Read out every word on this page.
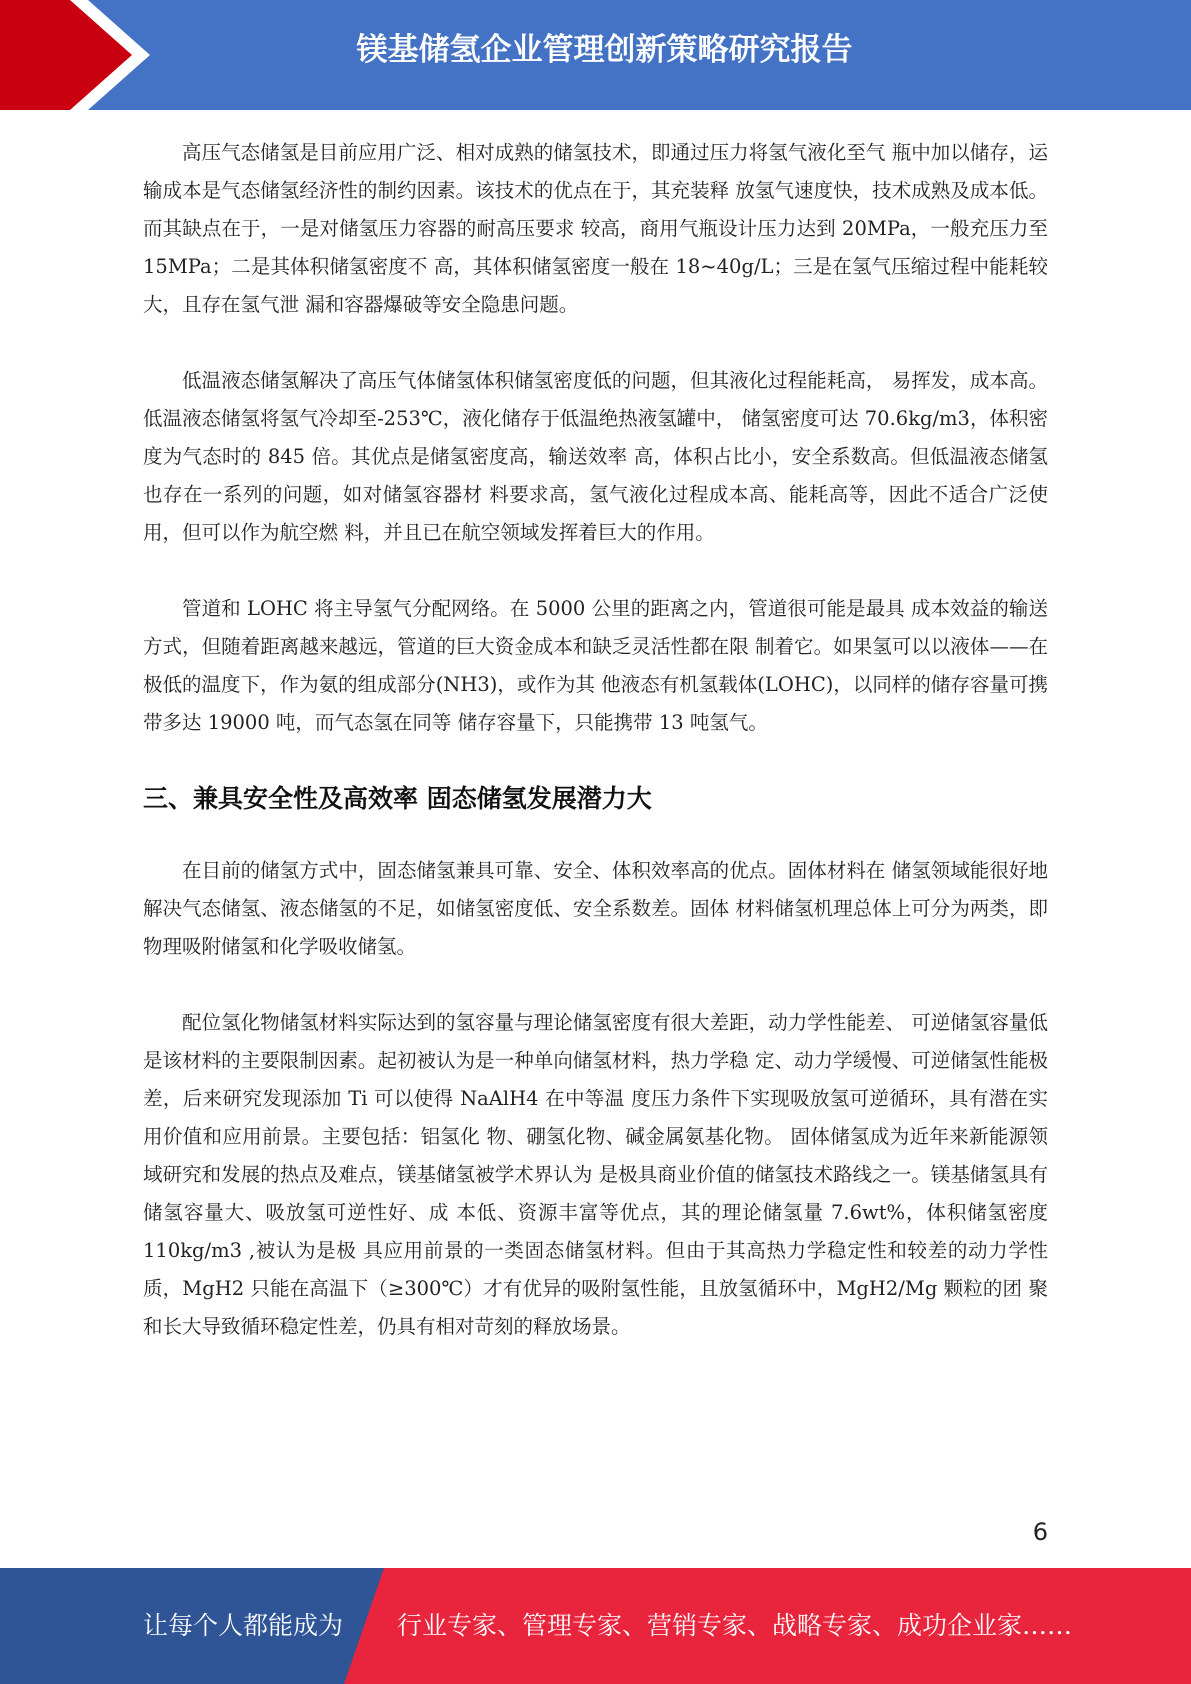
镁基储氢企业管理创新策略研究报告

高压气态储氢是目前应用广泛、相对成熟的储氢技术，即通过压力将氢气液化至气 瓶中加以储存，运输成本是气态储氢经济性的制约因素。该技术的优点在于，其充装释 放氢气速度快，技术成熟及成本低。而其缺点在于，一是对储氢压力容器的耐高压要求 较高，商用气瓶设计压力达到 20MPa，一般充压力至 15MPa；二是其体积储氢密度不 高，其体积储氢密度一般在 18~40g/L；三是在氢气压缩过程中能耗较大，且存在氢气泄 漏和容器爆破等安全隐患问题。

低温液态储氢解决了高压气体储氢体积储氢密度低的问题，但其液化过程能耗高， 易挥发，成本高。低温液态储氢将氢气冷却至-253℃，液化储存于低温绝热液氢罐中， 储氢密度可达 70.6kg/m3，体积密度为气态时的 845 倍。其优点是储氢密度高，输送效率 高，体积占比小，安全系数高。但低温液态储氢也存在一系列的问题，如对储氢容器材 料要求高，氢气液化过程成本高、能耗高等，因此不适合广泛使用，但可以作为航空燃 料，并且已在航空领域发挥着巨大的作用。

管道和 LOHC 将主导氢气分配网络。在 5000 公里的距离之内，管道很可能是最具 成本效益的输送方式，但随着距离越来越远，管道的巨大资金成本和缺乏灵活性都在限 制着它。如果氢可以以液体——在极低的温度下，作为氨的组成部分(NH3)，或作为其 他液态有机氢载体(LOHC)，以同样的储存容量可携带多达 19000 吨，而气态氢在同等 储存容量下，只能携带 13 吨氢气。

三、兼具安全性及高效率 固态储氢发展潜力大

在目前的储氢方式中，固态储氢兼具可靠、安全、体积效率高的优点。固体材料在 储氢领域能很好地解决气态储氢、液态储氢的不足，如储氢密度低、安全系数差。固体 材料储氢机理总体上可分为两类，即物理吸附储氢和化学吸收储氢。

配位氢化物储氢材料实际达到的氢容量与理论储氢密度有很大差距，动力学性能差、 可逆储氢容量低是该材料的主要限制因素。起初被认为是一种单向储氢材料，热力学稳 定、动力学缓慢、可逆储氢性能极差，后来研究发现添加 Ti 可以使得 NaAlH4 在中等温 度压力条件下实现吸放氢可逆循环，具有潜在实用价值和应用前景。主要包括：铝氢化 物、硼氢化物、碱金属氨基化物。 固体储氢成为近年来新能源领域研究和发展的热点及难点，镁基储氢被学术界认为 是极具商业价值的储氢技术路线之一。镁基储氢具有储氢容量大、吸放氢可逆性好、成 本低、资源丰富等优点，其的理论储氢量 7.6wt%，体积储氢密度 110kg/m3 ,被认为是极 具应用前景的一类固态储氢材料。但由于其高热力学稳定性和较差的动力学性质，MgH2 只能在高温下（≥300℃）才有优异的吸附氢性能，且放氢循环中，MgH2/Mg 颗粒的团 聚和长大导致循环稳定性差，仍具有相对苛刻的释放场景。

6
让每个人都能成为 行业专家、管理专家、营销专家、战略专家、成功企业家……
